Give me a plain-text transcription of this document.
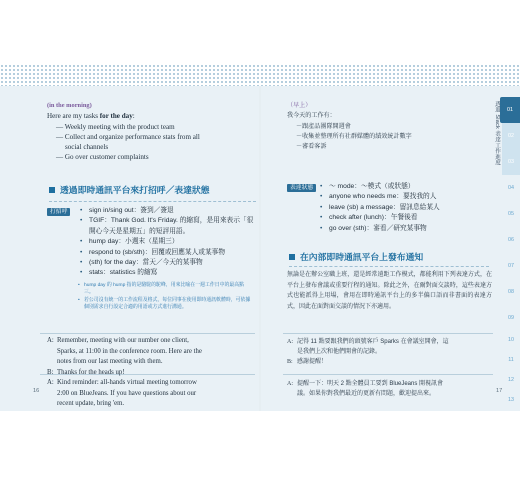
(in the morning)
Here are my tasks for the day:
— Weekly meeting with the product team
— Collect and organize performance stats from all
social channels
— Go over customer complaints
（早上）
我今天的工作有：
－跟產品團隊開週會
－收集並整理所有社群媒體的績效統計數字
－審看客訴
透過即時通訊平台來打招呼／表達狀態
打招呼	• sign in/sing out：簽到／簽退
• TGIF：Thank God. It's Friday. 的縮寫，是用來表示「很開心今天是星期五」的短評用語。
• hump day：小週末（星期三）
• respond to (sb/sth)：回覆或回應某人或某事物
• (sth) for the day：當天／今天的某事物
• stats：statistics 的縮寫
• hump day 的 hump 指的是駱駝的駝峰，用來比喻在一週工作日中的最高點三。
• 若公司沒有統一的工作流程及格式，每位同事在使用即時通訊軟體時，可依據個別需求自行設定合適的用語或方式進行溝通。
表達狀態	• ～ mode：～模式（或狀態）
• anyone who needs me：要找我的人
• leave (sb) a message：留訊息給某人
• check after (lunch)：午餐後看
• go over (sth)：審看／研究某事物
在內部即時通訊平台上發布通知
無論是在辦公室職上班，還是經常遠距工作模式，都能利用下列表達方式，在平台上發布會議或重要行程的通知。除此之外，在爾對面交談時，這些表達方式也能派得上用場，會用在即時通訊平台上的多半偏口語而非書面的表達方式，因此在面對面交談的情況下亦適用。
A: Remember, meeting with our number one client,
Sparks, at 11:00 in the conference room. Here are the
notes from our last meeting with them.
B: Thanks for the heads up!
A: 記得 11 點要跟我們的頭號客戶 Sparks 在會議室開會，這
是我們上次和他們開會的記錄。
B: 感謝提醒！
A: Kind reminder: all-hands virtual meeting tomorrow
2:00 on BlueJeans. If you have questions about our
recent update, bring 'em.
A: 提醒一下：明天 2 點全體員工要到 BlueJeans 開視訊會
議。如果你對我們最近的更新有問題，歡迎提出來。
16	17
透過 Slack 表達工作進度	01
02
03
04
05
06
07
08
09
10
11
12
13
